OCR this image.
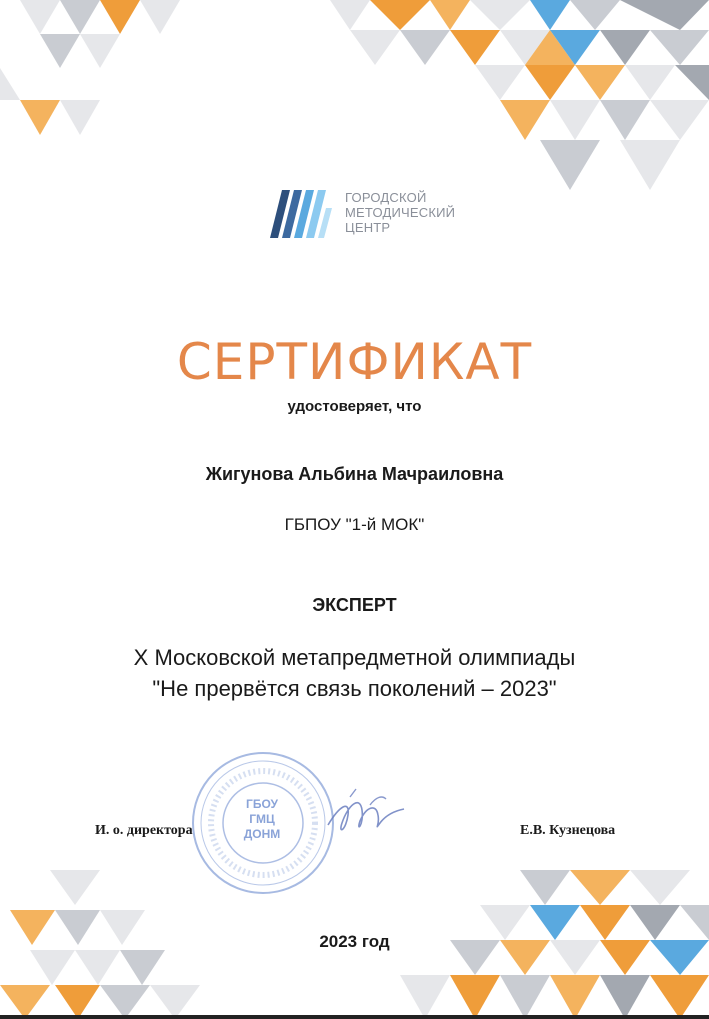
ГОРОДСКОЙ
МЕТОДИЧЕСКИЙ
ЦЕНТР
СЕРТИФИКАТ
удостоверяет, что
Жигунова Альбина Мачраиловна
ГБПОУ "1-й МОК"
ЭКСПЕРТ
X Московской метапредметной олимпиады
"Не прервётся связь поколений – 2023"
ГБОУ
ГМЦ
ДОНМ
И. о. директора	Е.В. Кузнецова
2023 год
